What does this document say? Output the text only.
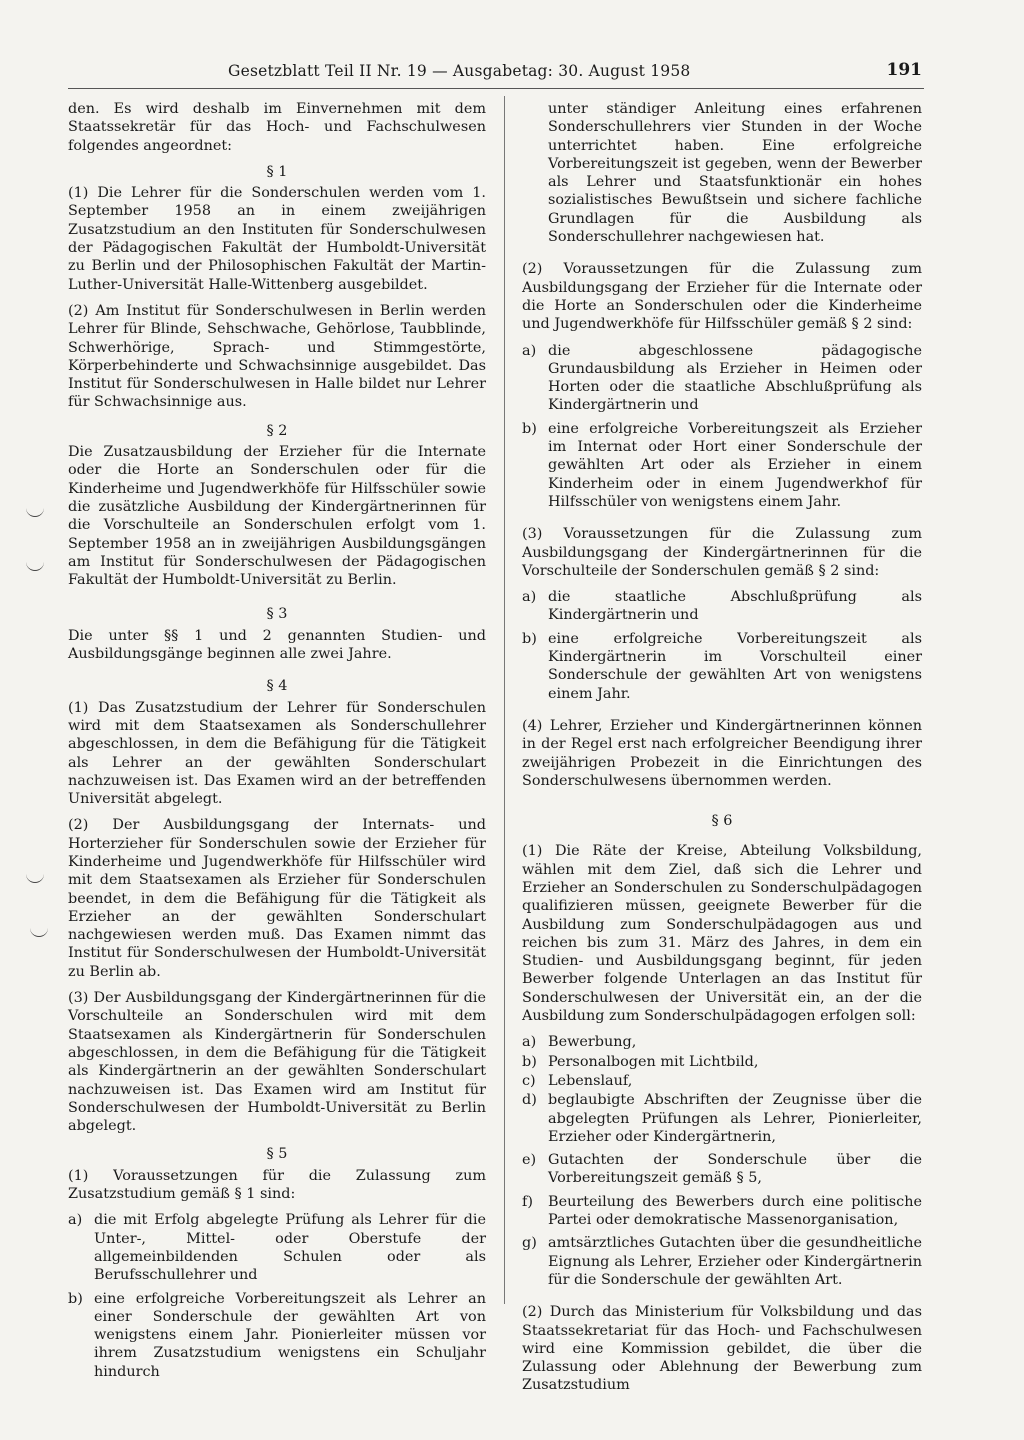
Gesetzblatt Teil II Nr. 19 — Ausgabetag: 30. August 1958	191

den. Es wird deshalb im Einvernehmen mit dem Staatssekretär für das Hoch- und Fachschulwesen folgendes angeordnet:

§ 1

(1) Die Lehrer für die Sonderschulen werden vom 1. September 1958 an in einem zweijährigen Zusatzstudium an den Instituten für Sonderschulwesen der Pädagogischen Fakultät der Humboldt-Universität zu Berlin und der Philosophischen Fakultät der Martin-Luther-Universität Halle-Wittenberg ausgebildet.

(2) Am Institut für Sonderschulwesen in Berlin werden Lehrer für Blinde, Sehschwache, Gehörlose, Taubblinde, Schwerhörige, Sprach- und Stimmgestörte, Körperbehinderte und Schwachsinnige ausgebildet. Das Institut für Sonderschulwesen in Halle bildet nur Lehrer für Schwachsinnige aus.

§ 2

Die Zusatzausbildung der Erzieher für die Internate oder die Horte an Sonderschulen oder für die Kinderheime und Jugendwerkhöfe für Hilfsschüler sowie die zusätzliche Ausbildung der Kindergärtnerinnen für die Vorschulteile an Sonderschulen erfolgt vom 1. September 1958 an in zweijährigen Ausbildungsgängen am Institut für Sonderschulwesen der Pädagogischen Fakultät der Humboldt-Universität zu Berlin.

§ 3

Die unter §§ 1 und 2 genannten Studien- und Ausbildungsgänge beginnen alle zwei Jahre.

§ 4

(1) Das Zusatzstudium der Lehrer für Sonderschulen wird mit dem Staatsexamen als Sonderschullehrer abgeschlossen, in dem die Befähigung für die Tätigkeit als Lehrer an der gewählten Sonderschulart nachzuweisen ist. Das Examen wird an der betreffenden Universität abgelegt.

(2) Der Ausbildungsgang der Internats- und Horterzieher für Sonderschulen sowie der Erzieher für Kinderheime und Jugendwerkhöfe für Hilfsschüler wird mit dem Staatsexamen als Erzieher für Sonderschulen beendet, in dem die Befähigung für die Tätigkeit als Erzieher an der gewählten Sonderschulart nachgewiesen werden muß. Das Examen nimmt das Institut für Sonderschulwesen der Humboldt-Universität zu Berlin ab.

(3) Der Ausbildungsgang der Kindergärtnerinnen für die Vorschulteile an Sonderschulen wird mit dem Staatsexamen als Kindergärtnerin für Sonderschulen abgeschlossen, in dem die Befähigung für die Tätigkeit als Kindergärtnerin an der gewählten Sonderschulart nachzuweisen ist. Das Examen wird am Institut für Sonderschulwesen der Humboldt-Universität zu Berlin abgelegt.

§ 5

(1) Voraussetzungen für die Zulassung zum Zusatzstudium gemäß § 1 sind:

a) die mit Erfolg abgelegte Prüfung als Lehrer für die Unter-, Mittel- oder Oberstufe der allgemeinbildenden Schulen oder als Berufsschullehrer und
b) eine erfolgreiche Vorbereitungszeit als Lehrer an einer Sonderschule der gewählten Art von wenigstens einem Jahr. Pionierleiter müssen vor ihrem Zusatzstudium wenigstens ein Schuljahr hindurch
unter ständiger Anleitung eines erfahrenen Sonderschullehrers vier Stunden in der Woche unterrichtet haben. Eine erfolgreiche Vorbereitungszeit ist gegeben, wenn der Bewerber als Lehrer und Staatsfunktionär ein hohes sozialistisches Bewußtsein und sichere fachliche Grundlagen für die Ausbildung als Sonderschullehrer nachgewiesen hat.

(2) Voraussetzungen für die Zulassung zum Ausbildungsgang der Erzieher für die Internate oder die Horte an Sonderschulen oder die Kinderheime und Jugendwerkhöfe für Hilfsschüler gemäß § 2 sind:

a) die abgeschlossene pädagogische Grundausbildung als Erzieher in Heimen oder Horten oder die staatliche Abschlußprüfung als Kindergärtnerin und
b) eine erfolgreiche Vorbereitungszeit als Erzieher im Internat oder Hort einer Sonderschule der gewählten Art oder als Erzieher in einem Kinderheim oder in einem Jugendwerkhof für Hilfsschüler von wenigstens einem Jahr.

(3) Voraussetzungen für die Zulassung zum Ausbildungsgang der Kindergärtnerinnen für die Vorschulteile der Sonderschulen gemäß § 2 sind:

a) die staatliche Abschlußprüfung als Kindergärtnerin und
b) eine erfolgreiche Vorbereitungszeit als Kindergärtnerin im Vorschulteil einer Sonderschule der gewählten Art von wenigstens einem Jahr.

(4) Lehrer, Erzieher und Kindergärtnerinnen können in der Regel erst nach erfolgreicher Beendigung ihrer zweijährigen Probezeit in die Einrichtungen des Sonderschulwesens übernommen werden.

§ 6

(1) Die Räte der Kreise, Abteilung Volksbildung, wählen mit dem Ziel, daß sich die Lehrer und Erzieher an Sonderschulen zu Sonderschulpädagogen qualifizieren müssen, geeignete Bewerber für die Ausbildung zum Sonderschulpädagogen aus und reichen bis zum 31. März des Jahres, in dem ein Studien- und Ausbildungsgang beginnt, für jeden Bewerber folgende Unterlagen an das Institut für Sonderschulwesen der Universität ein, an der die Ausbildung zum Sonderschulpädagogen erfolgen soll:

a) Bewerbung,
b) Personalbogen mit Lichtbild,
c) Lebenslauf,
d) beglaubigte Abschriften der Zeugnisse über die abgelegten Prüfungen als Lehrer, Pionierleiter, Erzieher oder Kindergärtnerin,
e) Gutachten der Sonderschule über die Vorbereitungszeit gemäß § 5,
f) Beurteilung des Bewerbers durch eine politische Partei oder demokratische Massenorganisation,
g) amtsärztliches Gutachten über die gesundheitliche Eignung als Lehrer, Erzieher oder Kindergärtnerin für die Sonderschule der gewählten Art.

(2) Durch das Ministerium für Volksbildung und das Staatssekretariat für das Hoch- und Fachschulwesen wird eine Kommission gebildet, die über die Zulassung oder Ablehnung der Bewerbung zum Zusatzstudium
